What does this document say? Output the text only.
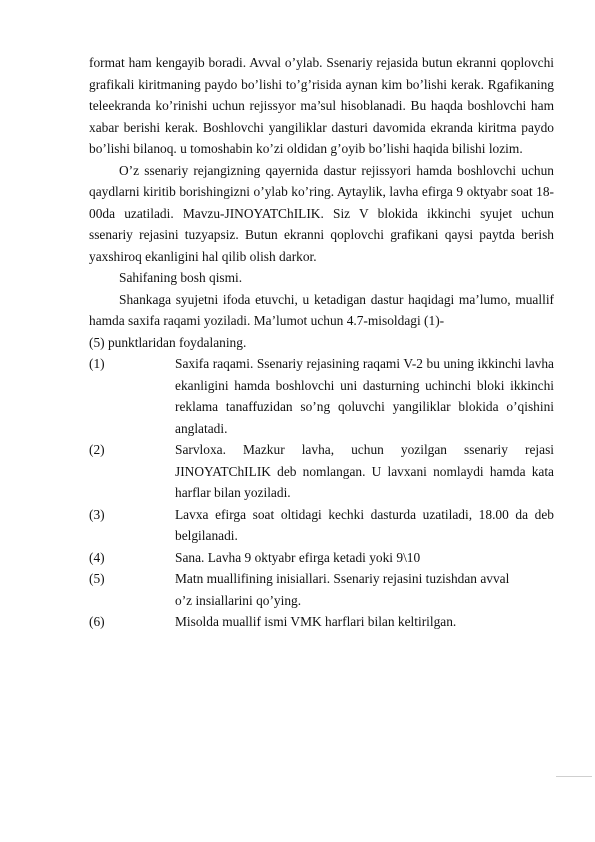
format ham kengayib boradi. Avval o’ylab. Ssenariy rejasida butun ekranni qoplovchi grafikali kiritmaning paydo bo’lishi to’g’risida aynan kim bo’lishi kerak. Rgafikaning teleekranda ko’rinishi uchun rejissyor ma’sul hisoblanadi. Bu haqda boshlovchi ham xabar berishi kerak. Boshlovchi yangiliklar dasturi davomida ekranda kiritma paydo bo’lishi bilanoq. u tomoshabin ko’zi oldidan g’oyib bo’lishi haqida bilishi lozim.

O’z ssenariy rejangizning qayernida dastur rejissyori hamda boshlovchi uchun qaydlarni kiritib borishingizni o’ylab ko’ring. Aytaylik, lavha efirga 9 oktyabr soat 18-00da uzatiladi. Mavzu-JINOYATChILIK. Siz V blokida ikkinchi syujet uchun ssenariy rejasini tuzyapsiz. Butun ekranni qoplovchi grafikani qaysi paytda berish yaxshiroq ekanligini hal qilib olish darkor.

Sahifaning bosh qismi.

Shankaga syujetni ifoda etuvchi, u ketadigan dastur haqidagi ma’lumo, muallif hamda saxifa raqami yoziladi. Ma’lumot uchun 4.7-misoldagi (1)-

(5) punktlaridan foydalaning.

(1)	Saxifa raqami. Ssenariy rejasining raqami V-2 bu uning ikkinchi lavha ekanligini hamda boshlovchi uni dasturning uchinchi bloki ikkinchi reklama tanaffuzidan so’ng qoluvchi yangiliklar blokida o’qishini anglatadi.
(2)	Sarvloxa. Mazkur lavha, uchun yozilgan ssenariy rejasi JINOYATChILIK deb nomlangan. U lavxani nomlaydi hamda kata harflar bilan yoziladi.
(3)	Lavxa efirga soat oltidagi kechki dasturda uzatiladi, 18.00 da deb belgilanadi.
(4)	Sana. Lavha 9 oktyabr efirga ketadi yoki 9\10
(5)	Matn muallifining inisiallari. Ssenariy rejasini tuzishdan avval
o’z insiallarini qo’ying.
(6)	Misolda muallif ismi VMK harflari bilan keltirilgan.
